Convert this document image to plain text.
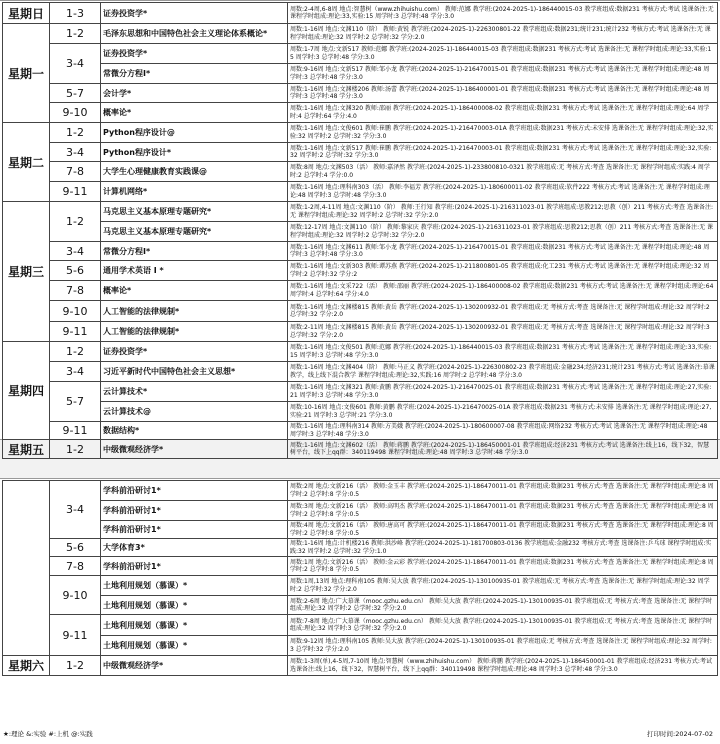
星期日	1-3	证券投资学*	周数:2-4周,6-8周 地点:智慧树（www.zhihuishu.com） 教师:范娜 教学班:(2024-2025-1)-186440015-03 教学班组成:数据231 考核方式:考试 选课备注:无 课程学时组成:理论:33,实验:15 周学时:3 总学时:48 学分:3.0
星期一	1-2	毛泽东思想和中国特色社会主义理论体系概论*	周数:1-16周 地点:文渊110（阶） 教师:黄锐 教学班:(2024-2025-1)-226300801-22 教学班组成:数据231;统计231;统计232 考核方式:考试 选课备注:无 课程学时组成:理论:32 周学时:2 总学时:32 学分:2.0
	3-4	证券投资学*	周数:1-7周 地点:文新517 教师:范娜 教学班:(2024-2025-1)-186440015-03 教学班组成:数据231 考核方式:考试 选课备注:无 课程学时组成:理论:33,实验:15 周学时:3 总学时:48 学分:3.0
		常微分方程I*	周数:9-16周 地点:文新517 教师:邹小龙 教学班:(2024-2025-1)-216470015-01 教学班组成:数据231 考核方式:考试 选课备注:无 课程学时组成:理论:48 周学时:3 总学时:48 学分:3.0
	5-7	会计学*	周数:1-16周 地点:文渊楼206 教师:汤蕾 教学班:(2024-2025-1)-186400001-01 教学班组成:数据231 考核方式:考试 选课备注:无 课程学时组成:理论:48 周学时:3 总学时:48 学分:3.0
	9-10	概率论*	周数:1-16周 地点:文渊320 教师:邵丽 教学班:(2024-2025-1)-186400008-02 教学班组成:数据231 考核方式:考试 选课备注:无 课程学时组成:理论:64 周学时:4 总学时:64 学分:4.0
星期二	1-2	Python程序设计@	周数:1-16周 地点:文俊601 教师:崔鹏 教学班:(2024-2025-1)-216470003-01A 教学班组成:数据231 考核方式:未安排 选课备注:无 课程学时组成:理论:32,实验:32 周学时:2 总学时:32 学分:3.0
	3-4	Python程序设计*	周数:1-16周 地点:文新517 教师:崔鹏 教学班:(2024-2025-1)-216470003-01 教学班组成:数据231 考核方式:考试 选课备注:无 课程学时组成:理论:32,实验:32 周学时:2 总学时:32 学分:3.0
	7-8	大学生心理健康教育实践课@	周数:8周 地点:文渊503（活） 教师:嘉泽然 教学班:(2024-2025-1)-233800810-0321 教学班组成:无 考核方式:考查 选课备注:无 课程学时组成:实践:4 周学时:2 总学时:4 学分:0.0
	9-11	计算机网络*	周数:1-16周 地点:理科南303（活） 教师:李福芳 教学班:(2024-2025-1)-180600011-02 教学班组成:软件222 考核方式:考试 选课备注:无 课程学时组成:理论:48 周学时:3 总学时:48 学分:3.0
星期三	1-2	马克思主义基本原理专题研究*	周数:1-2周,4-11周 地点:文渊110（阶） 教师:王行知 教学班:(2024-2025-1)-216311023-01 教学班组成:思教212;思教（创）211 考核方式:考查 选课备注:无 课程学时组成:理论:32 周学时:2 总学时:32 学分:2.0
		马克思主义基本原理专题研究*	周数:12-17周 地点:文渊110（阶） 教师:黎家庆 教学班:(2024-2025-1)-216311023-01 教学班组成:思教212;思教（创）211 考核方式:考查 选课备注:无 课程学时组成:理论:32 周学时:2 总学时:32 学分:2.0
	3-4	常微分方程I*	周数:1-16周 地点:文渊611 教师:邹小龙 教学班:(2024-2025-1)-216470015-01 教学班组成:数据231 考核方式:考试 选课备注:无 课程学时组成:理论:48 周学时:3 总学时:48 学分:3.0
	5-6	通用学术英语 I *	周数:1-16周 地点:文新303 教师:谭苏燕 教学班:(2024-2025-1)-211800801-05 教学班组成:化工231 考核方式:考试 选课备注:无 课程学时组成:理论:32 周学时:2 总学时:32 学分:2
	7-8	概率论*	周数:1-16周 地点:文采722（活） 教师:邵丽 教学班:(2024-2025-1)-186400008-02 教学班组成:数据231 考核方式:考试 选课备注:无 课程学时组成:理论:64 周学时:4 总学时:64 学分:4.0
	9-10	人工智能的法律规制*	周数:1-16周 地点:文渊楼815 教师:黄岳 教学班:(2024-2025-1)-130200932-01 教学班组成:无 考核方式:考查 选课备注:无 课程学时组成:理论:32 周学时:2 总学时:32 学分:2.0
	9-11	人工智能的法律规制*	周数:2-11周 地点:文渊楼815 教师:黄岳 教学班:(2024-2025-1)-130200932-01 教学班组成:无 考核方式:考查 选课备注:无 课程学时组成:理论:32 周学时:3 总学时:32 学分:2.0
星期四	1-2	证券投资学*	周数:1-16周 地点:文俊501 教师:范娜 教学班:(2024-2025-1)-186440015-03 教学班组成:数据231 考核方式:考试 选课备注:无 课程学时组成:理论:33,实验:15 周学时:3 总学时:48 学分:3.0
	3-4	习近平新时代中国特色社会主义思想*	周数:1-16周 地点:文渊404（阶） 教师:马正义 教学班:(2024-2025-1)-226300802-23 教学班组成:金融234;经济231;统计231 考核方式:考试 选课备注:慕课教学，线上线下混合教学 课程学时组成:理论:32,实践:16 周学时:2 总学时:48 学分:3.0
	5-7	云计算技术*	周数:1-16周 地点:文渊321 教师:黄鹏 教学班:(2024-2025-1)-216470025-01 教学班组成:数据231 考核方式:考试 选课备注:无 课程学时组成:理论:27,实验:21 周学时:3 总学时:48 学分:3.0
		云计算技术@	周数:10-16周 地点:文俊601 教师:黄鹏 教学班:(2024-2025-1)-216470025-01A 教学班组成:数据231 考核方式:未安排 选课备注:无 课程学时组成:理论:27,实验:21 周学时:3 总学时:21 学分:3.0
	9-11	数据结构*	周数:1-16周 地点:理科南314 教师:方美娥 教学班:(2024-2025-1)-180600007-08 教学班组成:网络232 考核方式:考试 选课备注:无 课程学时组成:理论:48 周学时:3 总学时:48 学分:3.0
星期五	1-2	中级微观经济学*	周数:1-16周 地点:文渊602（活） 教师:蒋鹏 教学班:(2024-2025-1)-186450001-01 教学班组成:经济231 考核方式:考试 选课备注:线上16，线下32，智慧树平台，线下上qq群：340119498 课程学时组成:理论:48 周学时:3 总学时:48 学分:3.0
	3-4	学科前沿研讨1*	周数:2周 地点:文新216（活） 教师:金玉丰 教学班:(2024-2025-1)-186470011-01 教学班组成:数据231 考核方式:考查 选课备注:无 课程学时组成:理论:8 周学时:2 总学时:8 学分:0.5
		学科前沿研讨1*	周数:3周 地点:文新216（活） 教师:高明杰 教学班:(2024-2025-1)-186470011-01 教学班组成:数据231 考核方式:考查 选课备注:无 课程学时组成:理论:8 周学时:2 总学时:8 学分:0.5
		学科前沿研讨1*	周数:4周 地点:文新216（活） 教师:唐高可 教学班:(2024-2025-1)-186470011-01 教学班组成:数据231 考核方式:考查 选课备注:无 课程学时组成:理论:8 周学时:2 总学时:8 学分:0.5
	5-6	大学体育3*	周数:1-16周 地点:计机楼216 教师:洪沙峰 教学班:(2024-2025-1)-181700803-0136 教学班组成:金融232 考核方式:考查 选课备注:乒乓球 课程学时组成:实践:32 周学时:2 总学时:32 学分:1.0
	7-8	学科前沿研讨1*	周数:1周 地点:文新216（活） 教师:金云彩 教学班:(2024-2025-1)-186470011-01 教学班组成:数据231 考核方式:考查 选课备注:无 课程学时组成:理论:8 周学时:2 总学时:8 学分:0.5
	9-10	土地利用规划（慕课）*	周数:1周,13周 地点:理科南105 教师:吴大放 教学班:(2024-2025-1)-130100935-01 教学班组成:无 考核方式:考查 选课备注:无 课程学时组成:理论:32 周学时:2 总学时:32 学分:2.0
		土地利用规划（慕课）*	周数:2-6周 地点:广大慕课（mooc.gzhu.edu.cn） 教师:吴大放 教学班:(2024-2025-1)-130100935-01 教学班组成:无 考核方式:考查 选课备注:无 课程学时组成:理论:32 周学时:2 总学时:32 学分:2.0
	9-11	土地利用规划（慕课）*	周数:7-8周 地点:广大慕课（mooc.gzhu.edu.cn） 教师:吴大放 教学班:(2024-2025-1)-130100935-01 教学班组成:无 考核方式:考查 选课备注:无 课程学时组成:理论:32 周学时:3 总学时:32 学分:2.0
		土地利用规划（慕课）*	周数:9-12周 地点:理科南105 教师:吴大放 教学班:(2024-2025-1)-130100935-01 教学班组成:无 考核方式:考查 选课备注:无 课程学时组成:理论:32 周学时:3 总学时:32 学分:2.0
星期六	1-2	中级微观经济学*	周数:1-3周(单),4-5周,7-10周 地点:智慧树（www.zhihuishu.com） 教师:蒋鹏 教学班:(2024-2025-1)-186450001-01 教学班组成:经济231 考核方式:考试 选课备注:线上16，线下32，智慧树平台，线下上qq群：340119498 课程学时组成:理论:48 周学时:3 总学时:48 学分:3.0
★:理论 &:实验 #:上机 @:实践	打印时间:2024-07-02
